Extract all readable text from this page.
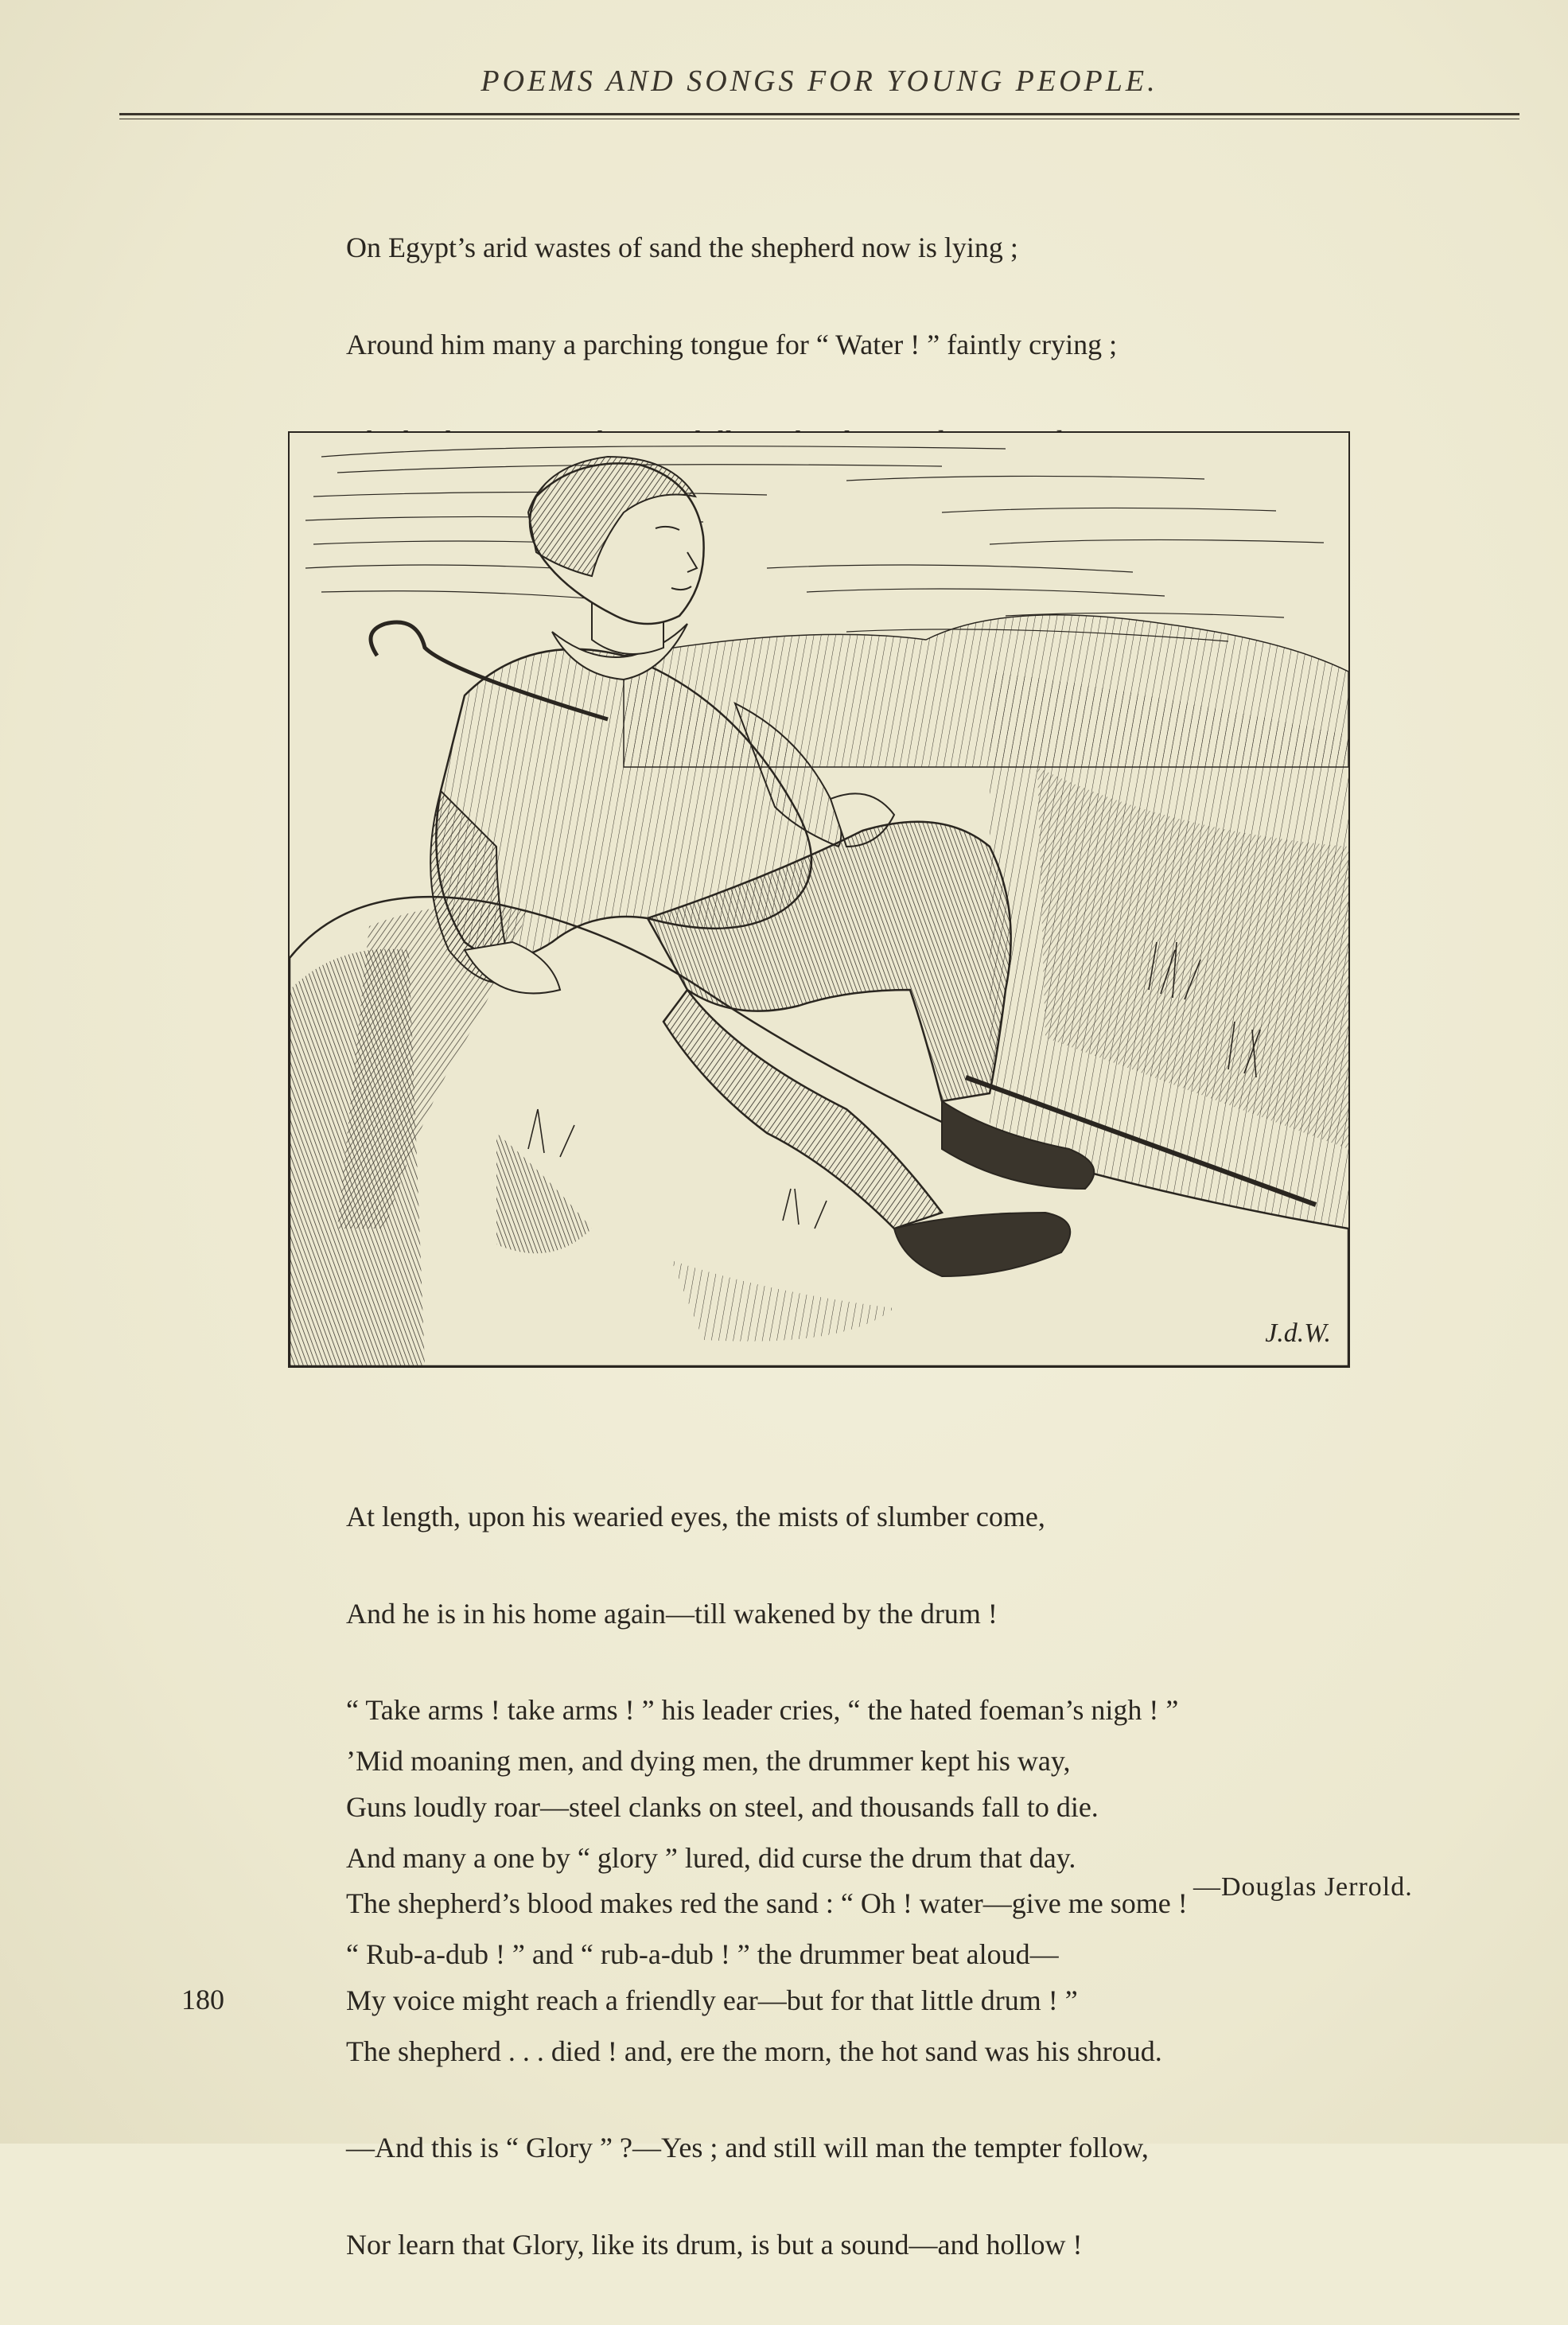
POEMS AND SONGS FOR YOUNG PEOPLE.

On Egypt’s arid wastes of sand the shepherd now is lying ;

Around him many a parching tongue for “ Water ! ” faintly crying ;

J.d.W.

At length, upon his wearied eyes, the mists of slumber come,

And he is in his home again—till wakened by the drum !

“ Take arms ! take arms ! ” his leader cries, “ the hated foeman’s nigh ! ”

Guns loudly roar—steel clanks on steel, and thousands fall to die.

The shepherd’s blood makes red the sand : “ Oh ! water—give me some !

My voice might reach a friendly ear—but for that little drum ! ”

’Mid moaning men, and dying men, the drummer kept his way,

And many a one by “ glory ” lured, did curse the drum that day.

“ Rub-a-dub ! ” and “ rub-a-dub ! ” the drummer beat aloud—

The shepherd . . . died ! and, ere the morn, the hot sand was his shroud.

—And this is “ Glory ” ?—Yes ; and still will man the tempter follow,

Nor learn that Glory, like its drum, is but a sound—and hollow !

—Douglas Jerrold.
180
